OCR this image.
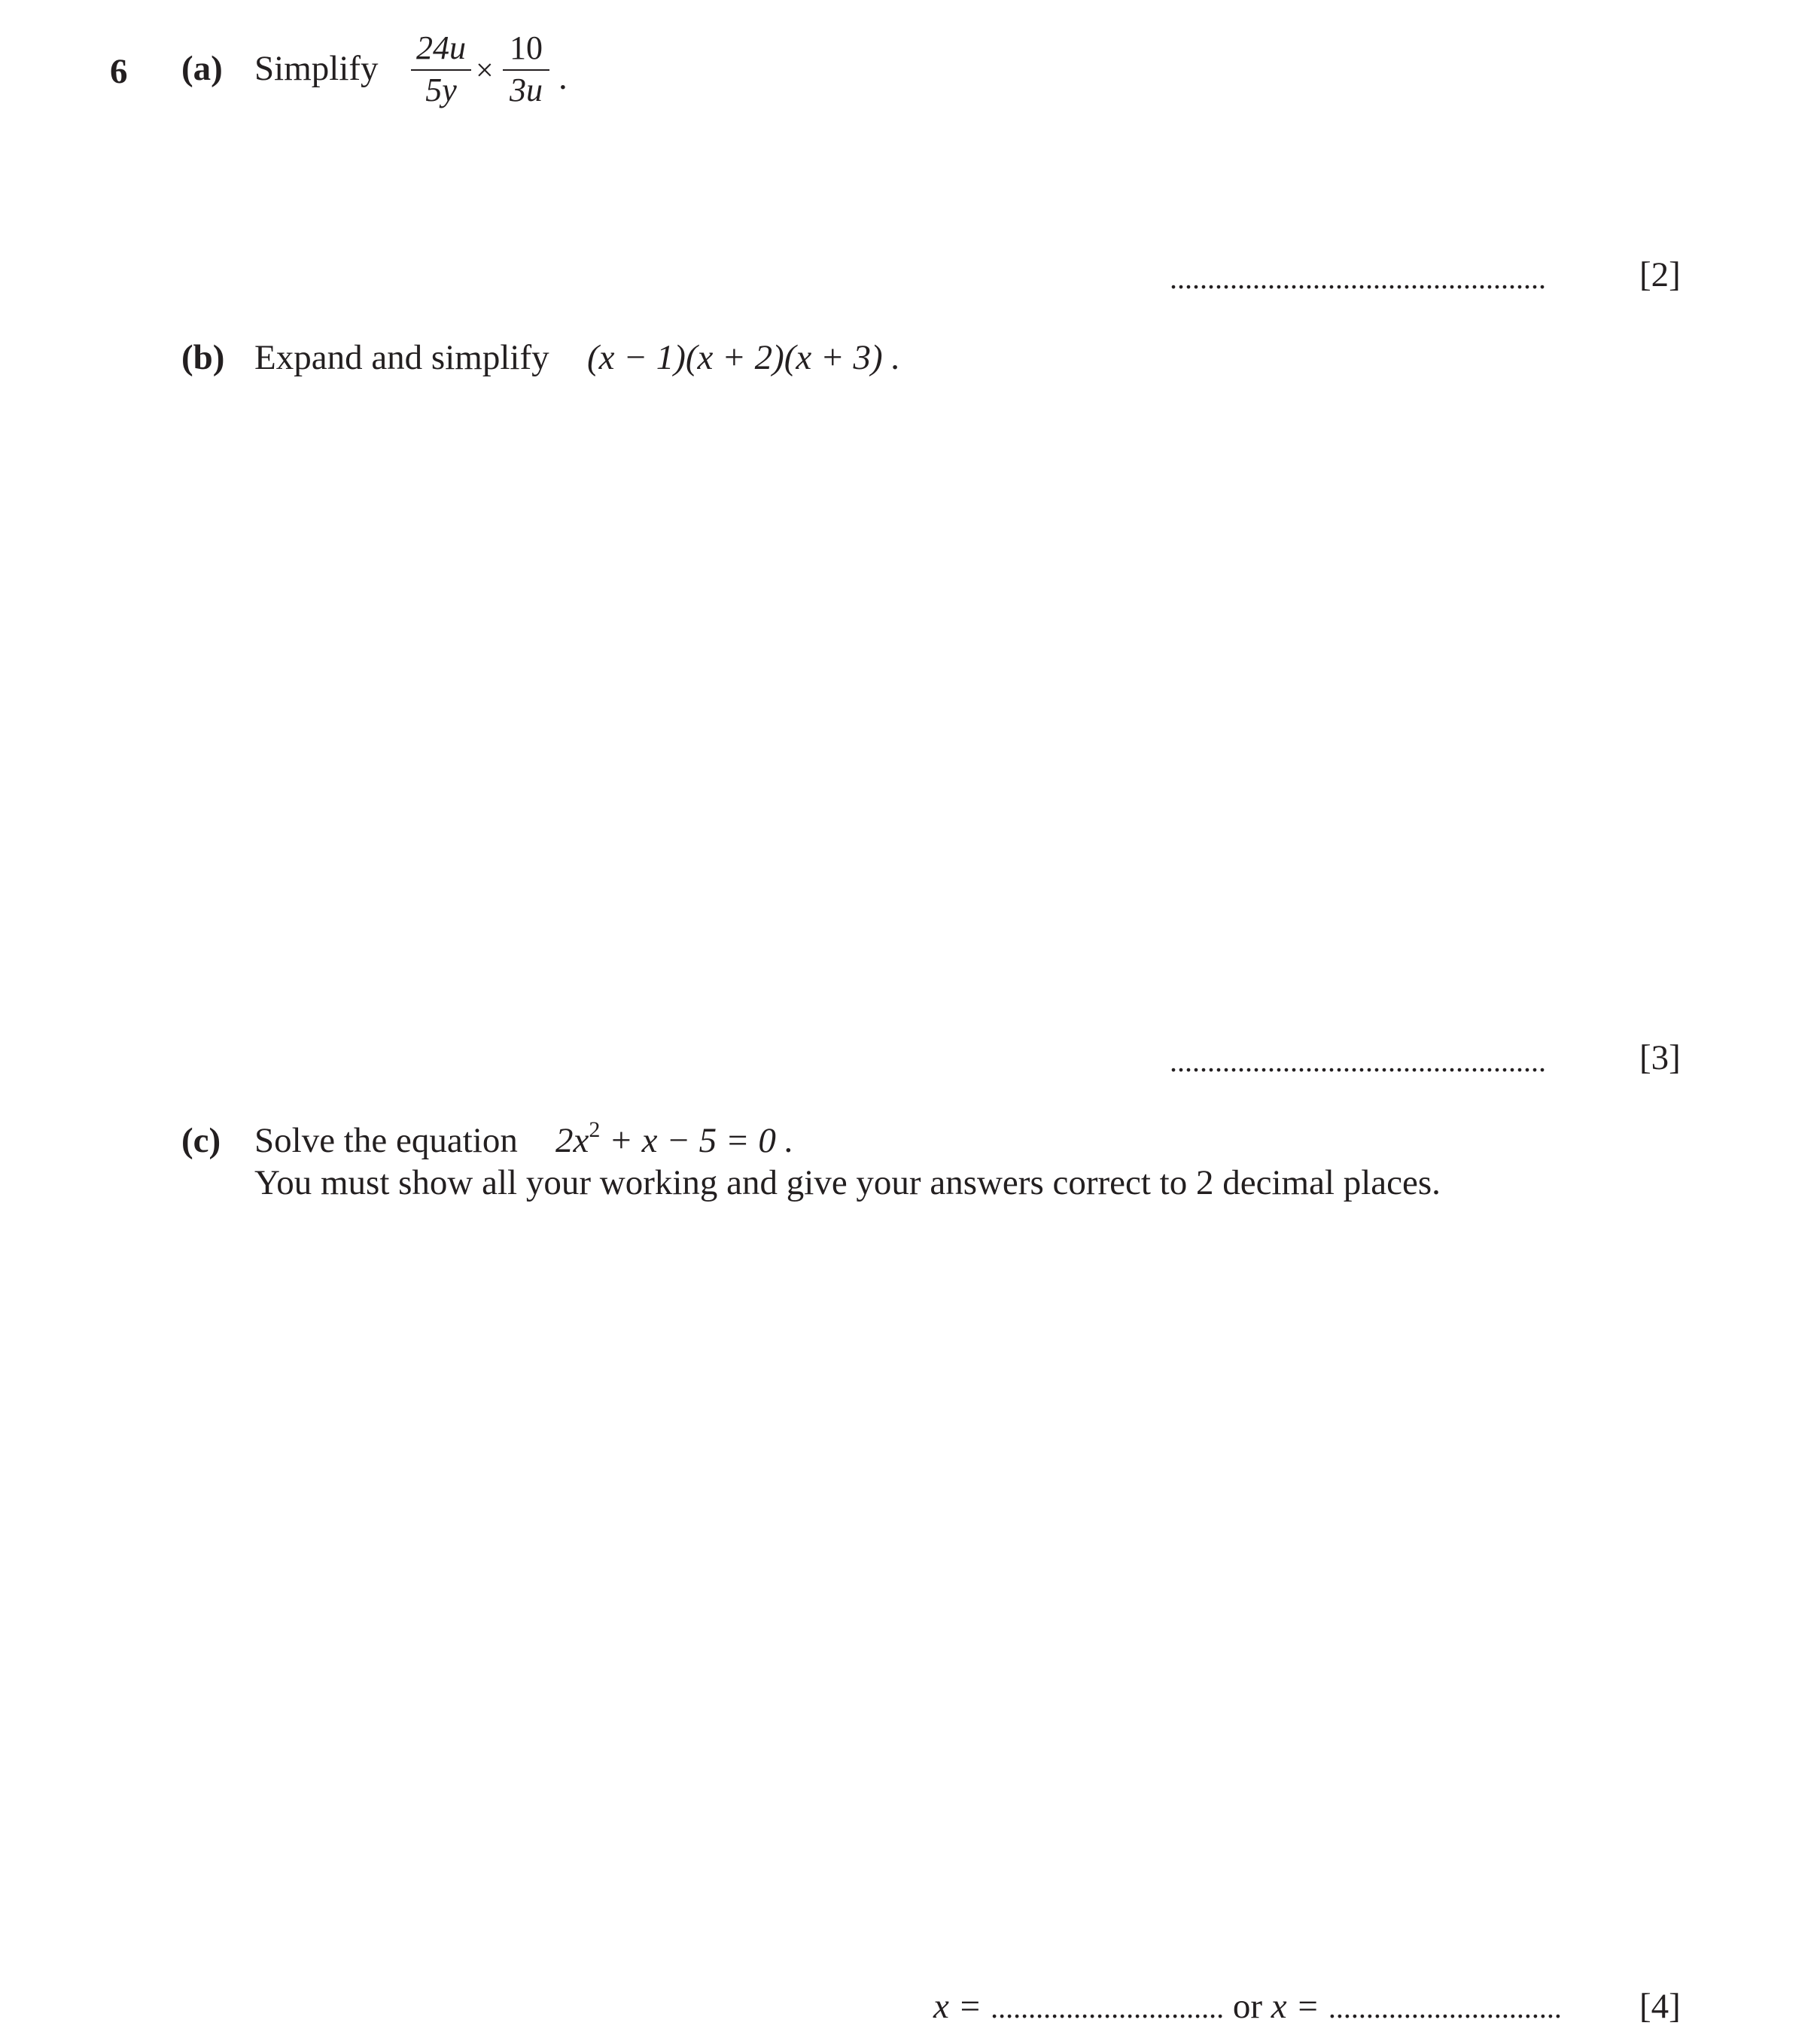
6 (a) Simplify
24u
5y
×
10
3u .
..................................................	[2]
(b) Expand and simplify (x − 1)(x + 2)(x + 3) .
..................................................	[3]
(c) Solve the equation $2x^2 + x - 5 = 0$ .
You must show all your working and give your answers correct to 2 decimal places.
x = ............................... or x = ............................... [4]
